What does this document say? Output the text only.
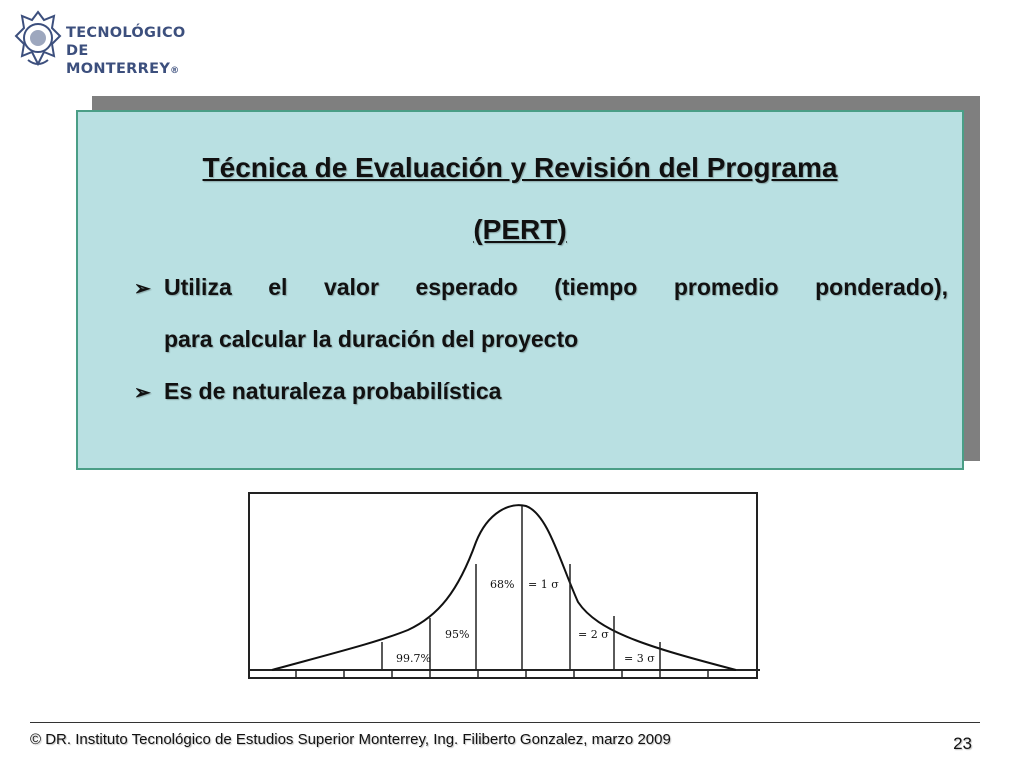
TECNOLÓGICO
DE MONTERREY®
Técnica de Evaluación y Revisión del Programa
(PERT)
➢ Utiliza el valor esperado (tiempo promedio ponderado),
para calcular la duración del proyecto
➢ Es de naturaleza probabilística
68% = 1 σ
95%	= 2 σ
99.7%	= 3 σ
© DR. Instituto Tecnológico de Estudios Superior Monterrey, Ing. Filiberto Gonzalez, marzo 2009	23
